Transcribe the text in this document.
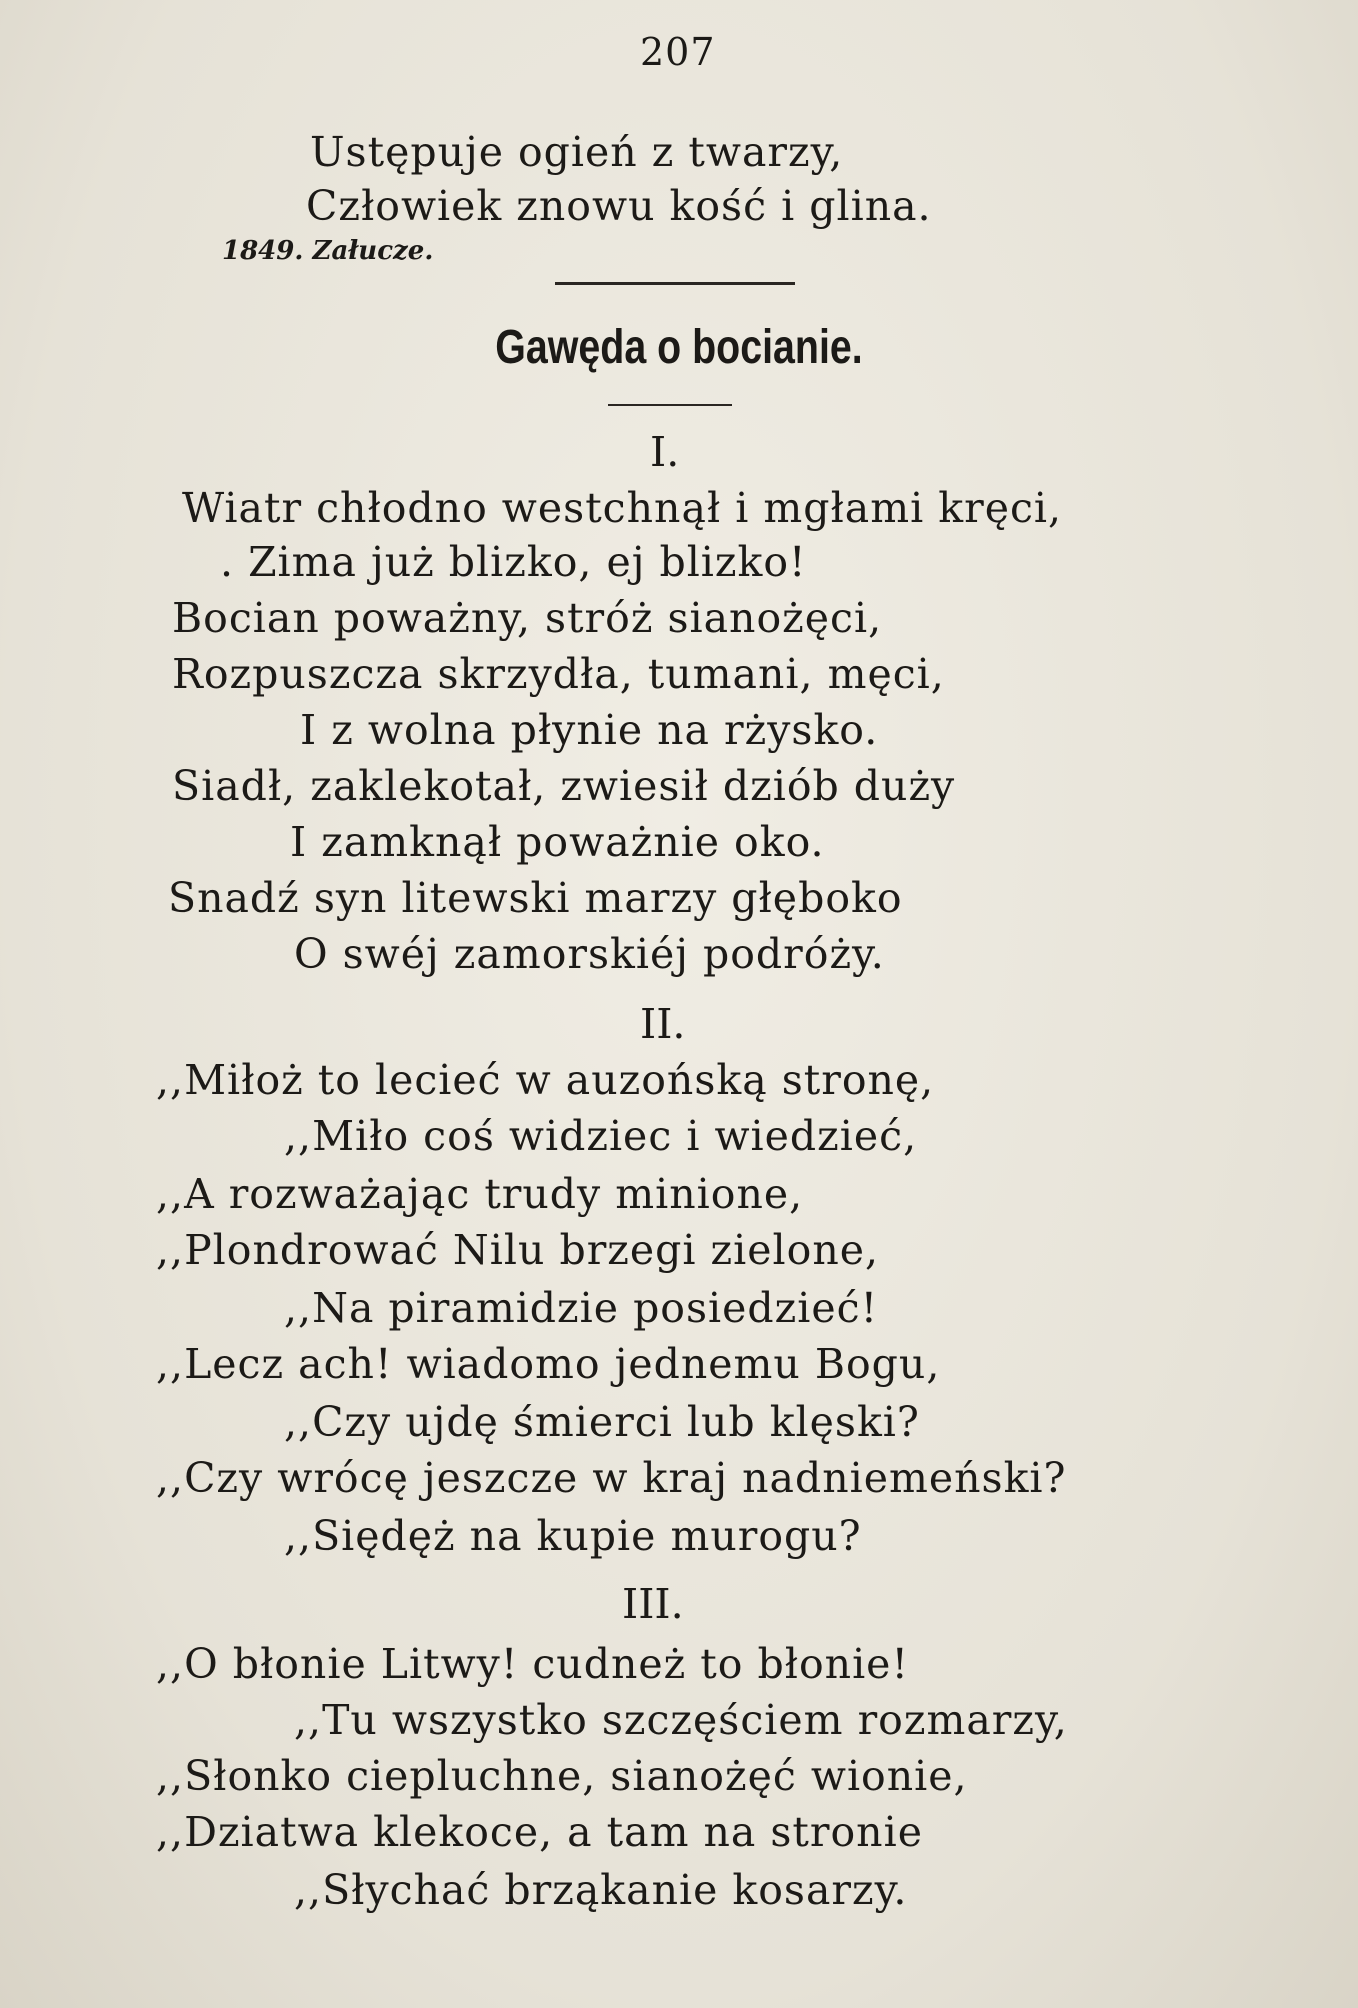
207
Ustępuje ogień z twarzy,
Człowiek znowu kość i glina.
1849. Załucze.
Gawęda o bocianie.
I.
Wiatr chłodno westchnął i mgłami kręci,
. Zima już blizko, ej blizko!
Bocian poważny, stróż sianożęci,
Rozpuszcza skrzydła, tumani, męci,
I z wolna płynie na rżysko.
Siadł, zaklekotał, zwiesił dziób duży
I zamknął poważnie oko.
Snadź syn litewski marzy głęboko
O swéj zamorskiéj podróży.
II.
,,Miłoż to lecieć w auzońską stronę,
,,Miło coś widziec i wiedzieć,
,,A rozważając trudy minione,
,,Plondrować Nilu brzegi zielone,
,,Na piramidzie posiedzieć!
,,Lecz ach! wiadomo jednemu Bogu,
,,Czy ujdę śmierci lub klęski?
,,Czy wrócę jeszcze w kraj nadniemeński?
,,Siędęż na kupie murogu?
III.
,,O błonie Litwy! cudneż to błonie!
,,Tu wszystko szczęściem rozmarzy,
,,Słonko ciepluchne, sianożęć wionie,
,,Dziatwa klekoce, a tam na stronie
,,Słychać brząkanie kosarzy.
